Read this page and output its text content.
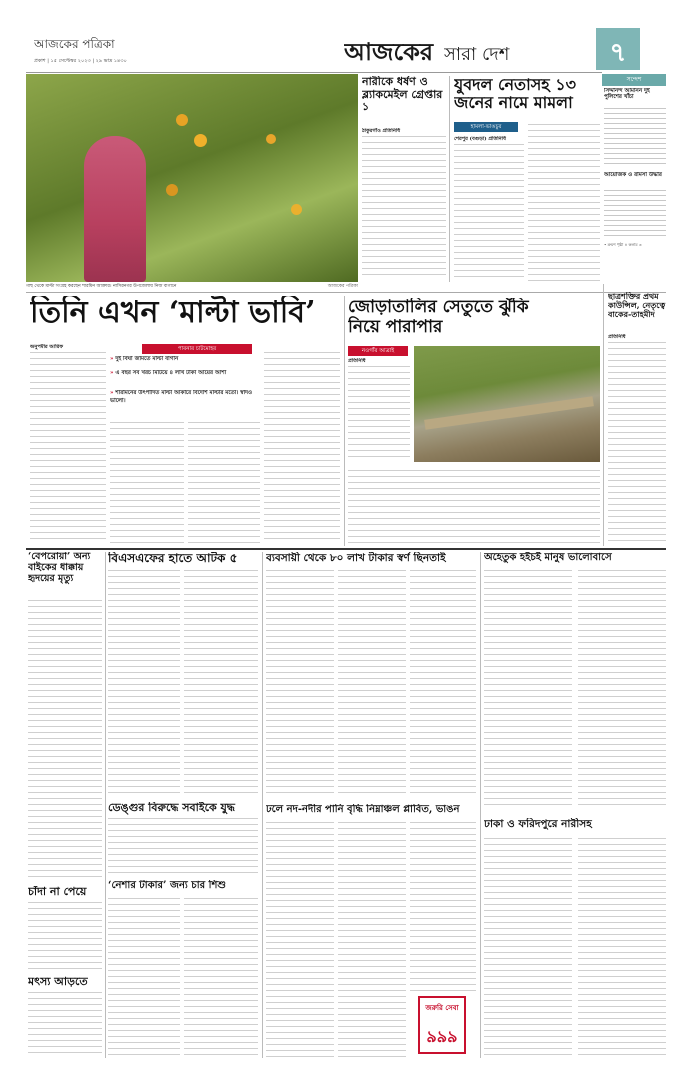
আজকের পত্রিকা
প্রকাশ | ১৫ সেপ্টেম্বর ২০২৩ | ২৯ ভাদ্র ১৪৩০	আজকের সারা দেশ	৭
সন্দেশ
সিদ্দানন্দ আমানন দুই পুলিশের খাঁচা
আয়োজক ও রামসা উদ্ধার
• ক্রমশ পৃষ্ঠা ৪ কলাম ৩
গাছ থেকে মাল্টা সংগ্রহ করছেন শারমিন আক্তার। নাসিরনগর উপজেলায় নিজ বাগানে	আজকের পত্রিকা
নারীকে ধর্ষণ ও ব্ল্যাকমেইল গ্রেপ্তার ১
ঠাকুরগাঁও প্রতিনিধি
যুবদল নেতাসহ ১৩ জনের নামে মামলা
হামলা-ভাঙচুর
শেরপুর (বগুড়া) প্রতিনিধি
তিনি এখন ‘মাল্টা ভাবি’
অনুপমীর আরিফ	পাবনার চাটমোহর
» দুই বিঘা জমিতে মাল্টা বাগান
» এ বছর সব খরচ মিটিয়ে ৪ লাখ টাকা আয়ের আশা
» শারমিনের উৎপাদিত মাল্টা আকারে বিদেশি মাল্টার মতো। স্বাদও ভালো।
জোড়াতালির সেতুতে ঝুঁকি নিয়ে পারাপার
নওগাঁর আত্রাই
প্রতিনিধি
ছাত্রশক্তির প্রথম কাউন্সিল, নেতৃত্বে বাকের-তাহমীদ
প্রতিনিধি
‘বেপরোয়া’ অন্য বাইকের ধাক্কায় হৃদয়ের মৃত্যু
চাঁদা না পেয়ে
মৎস্য আড়তে
বিএসএফের হাতে আটক ৫
ডেঙ্গুর বিরুদ্ধে সবাইকে যুদ্ধ
‘নেশার টাকার’ জন্য চার শিশু
ব্যবসায়ী থেকে ৮০ লাখ টাকার স্বর্ণ ছিনতাই
ঢলে নদ-নদীর পানি বৃদ্ধি নিম্নাঞ্চল প্লাবিত, ভাঙন
জরুরি সেবা
৯৯৯
অহেতুক হইচই মানুষ ভালোবাসে
ঢাকা ও ফরিদপুরে নারীসহ
